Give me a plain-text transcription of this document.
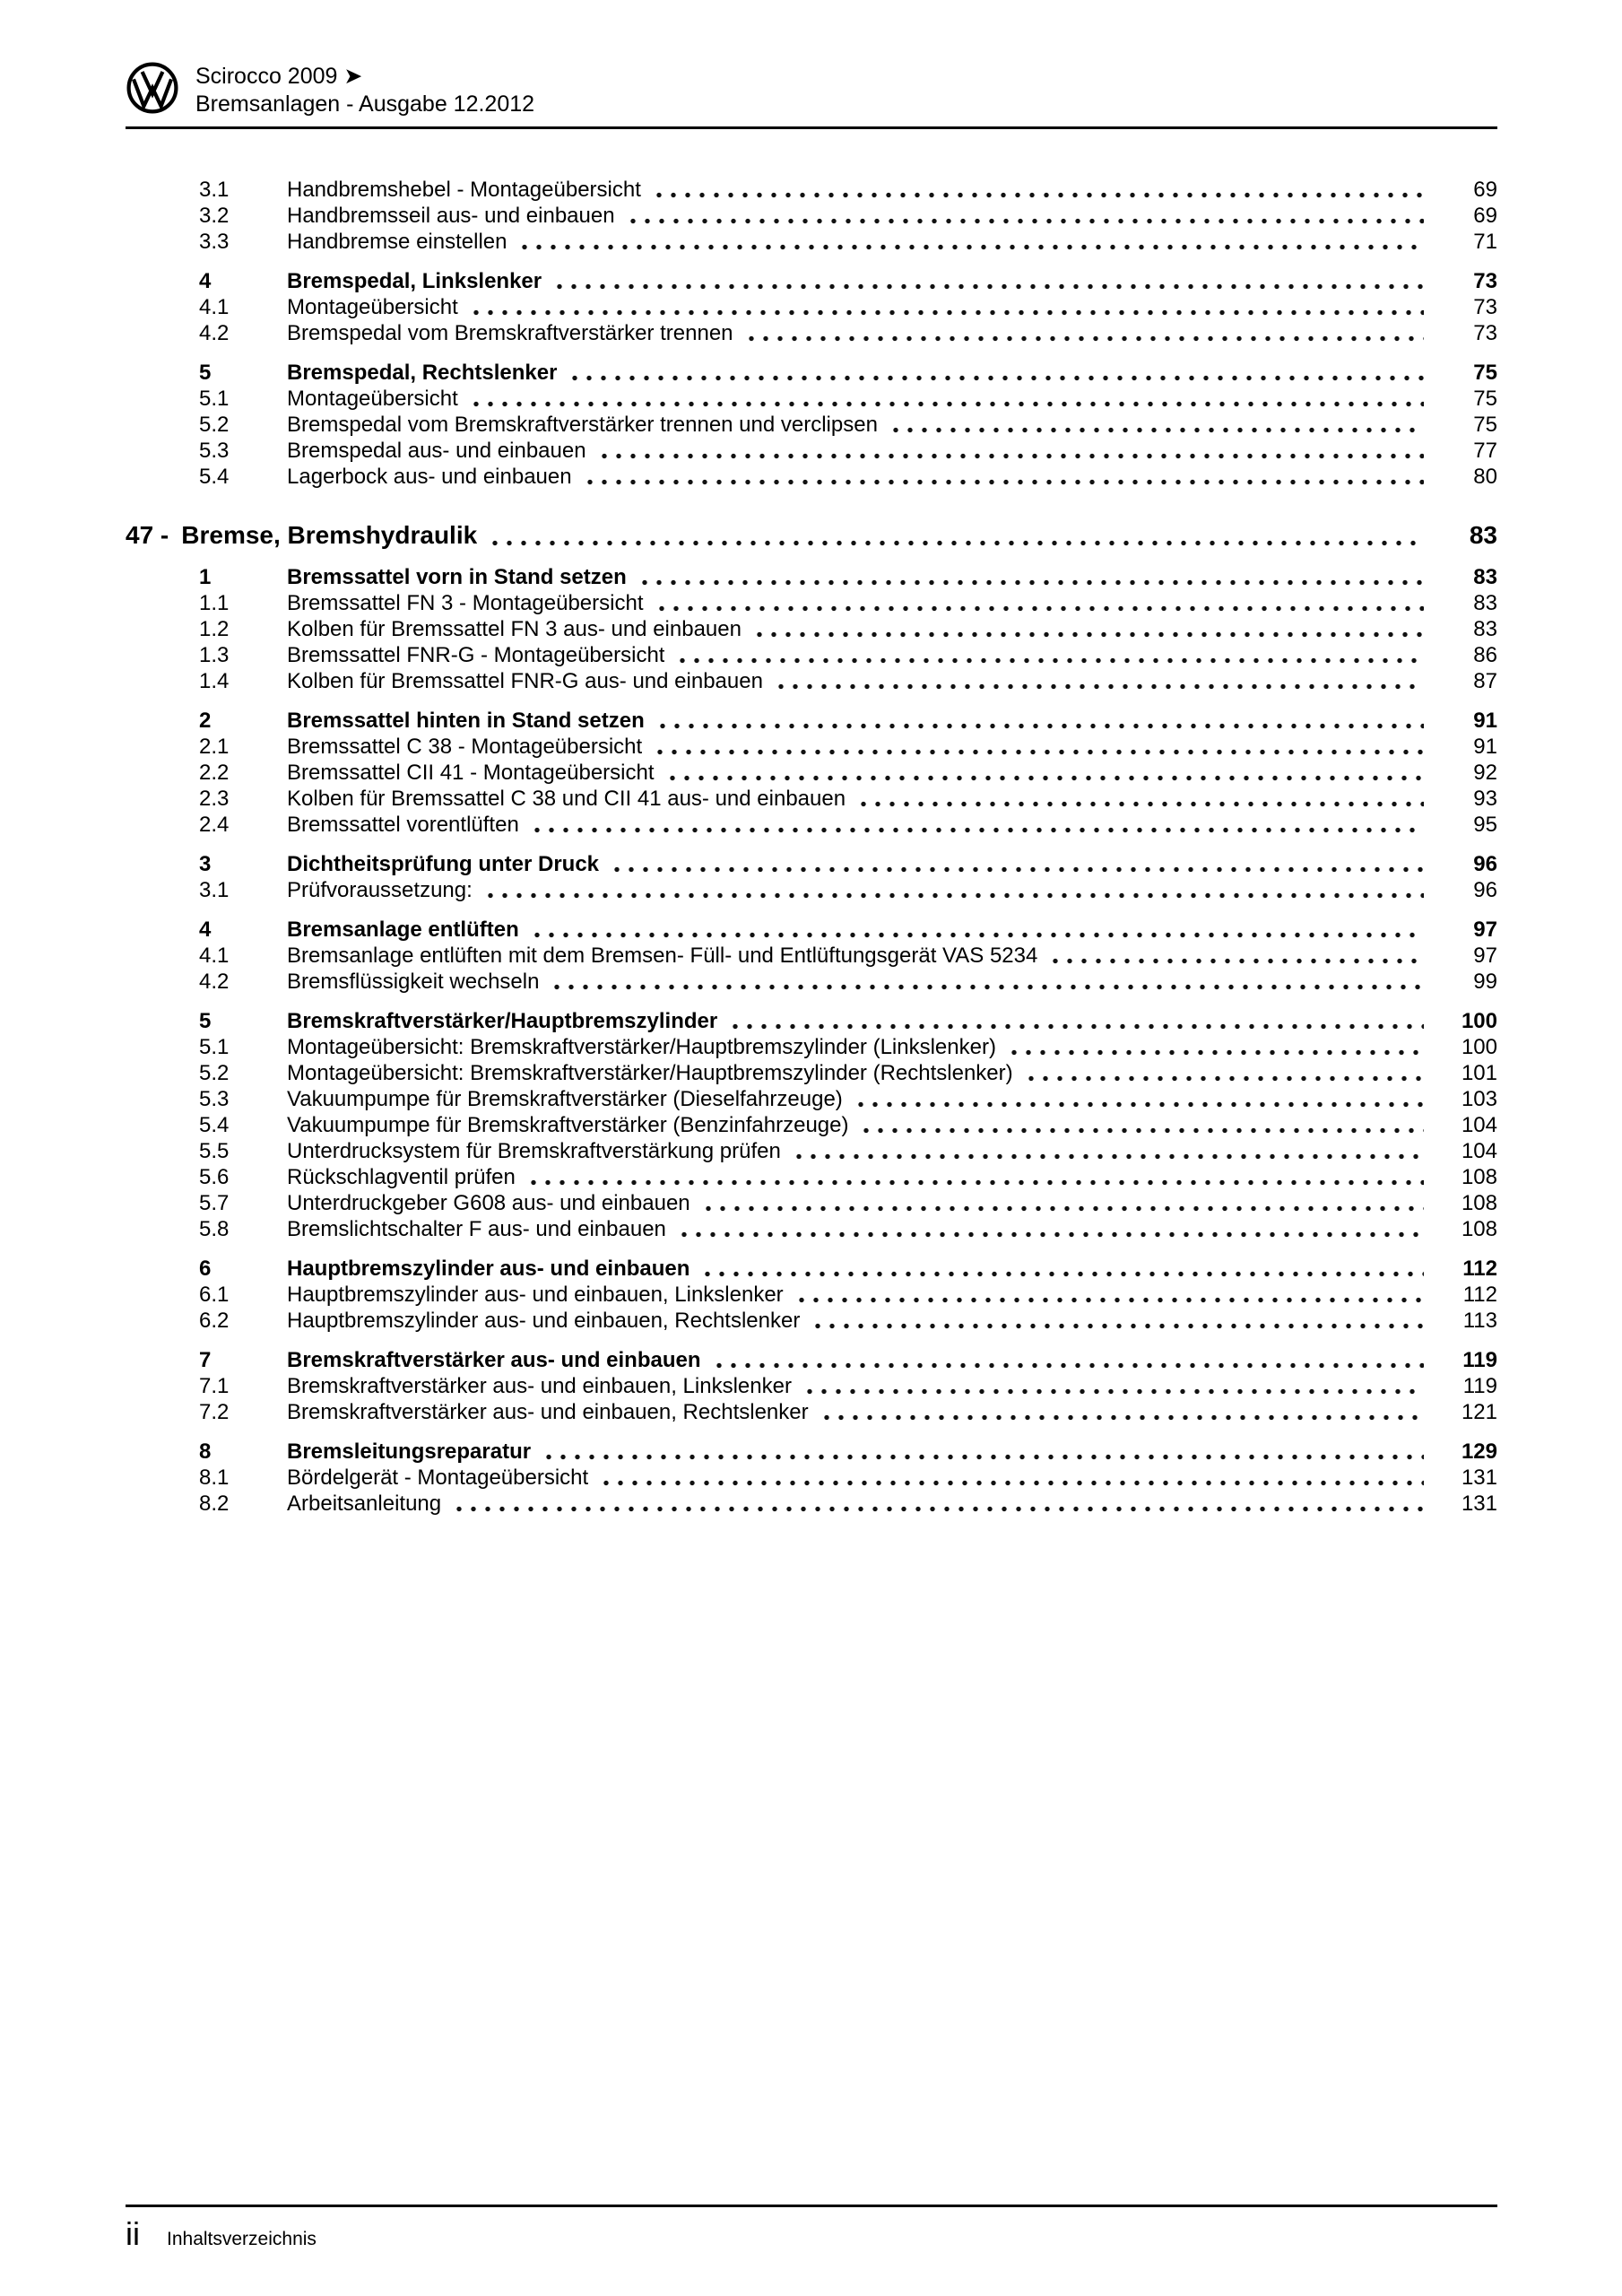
Scirocco 2009 ➤
Bremsanlagen - Ausgabe 12.2012
3.1	Handbremshebel - Montageübersicht	69
3.2	Handbremsseil aus- und einbauen	69
3.3	Handbremse einstellen	71
4	Bremspedal, Linkslenker	73
4.1	Montageübersicht	73
4.2	Bremspedal vom Bremskraftverstärker trennen	73
5	Bremspedal, Rechtslenker	75
5.1	Montageübersicht	75
5.2	Bremspedal vom Bremskraftverstärker trennen und verclipsen	75
5.3	Bremspedal aus- und einbauen	77
5.4	Lagerbock aus- und einbauen	80
47 - Bremse, Bremshydraulik	83
1	Bremssattel vorn in Stand setzen	83
1.1	Bremssattel FN 3 - Montageübersicht	83
1.2	Kolben für Bremssattel FN 3 aus- und einbauen	83
1.3	Bremssattel FNR-G - Montageübersicht	86
1.4	Kolben für Bremssattel FNR-G aus- und einbauen	87
2	Bremssattel hinten in Stand setzen	91
2.1	Bremssattel C 38 - Montageübersicht	91
2.2	Bremssattel CII 41 - Montageübersicht	92
2.3	Kolben für Bremssattel C 38 und CII 41 aus- und einbauen	93
2.4	Bremssattel vorentlüften	95
3	Dichtheitsprüfung unter Druck	96
3.1	Prüfvoraussetzung:	96
4	Bremsanlage entlüften	97
4.1	Bremsanlage entlüften mit dem Bremsen- Füll- und Entlüftungsgerät VAS 5234	97
4.2	Bremsflüssigkeit wechseln	99
5	Bremskraftverstärker/Hauptbremszylinder	100
5.1	Montageübersicht: Bremskraftverstärker/Hauptbremszylinder (Linkslenker)	100
5.2	Montageübersicht: Bremskraftverstärker/Hauptbremszylinder (Rechtslenker)	101
5.3	Vakuumpumpe für Bremskraftverstärker (Dieselfahrzeuge)	103
5.4	Vakuumpumpe für Bremskraftverstärker (Benzinfahrzeuge)	104
5.5	Unterdrucksystem für Bremskraftverstärkung prüfen	104
5.6	Rückschlagventil prüfen	108
5.7	Unterdruckgeber G608 aus- und einbauen	108
5.8	Bremslichtschalter F aus- und einbauen	108
6	Hauptbremszylinder aus- und einbauen	112
6.1	Hauptbremszylinder aus- und einbauen, Linkslenker	112
6.2	Hauptbremszylinder aus- und einbauen, Rechtslenker	113
7	Bremskraftverstärker aus- und einbauen	119
7.1	Bremskraftverstärker aus- und einbauen, Linkslenker	119
7.2	Bremskraftverstärker aus- und einbauen, Rechtslenker	121
8	Bremsleitungsreparatur	129
8.1	Bördelgerät - Montageübersicht	131
8.2	Arbeitsanleitung	131
ii Inhaltsverzeichnis
